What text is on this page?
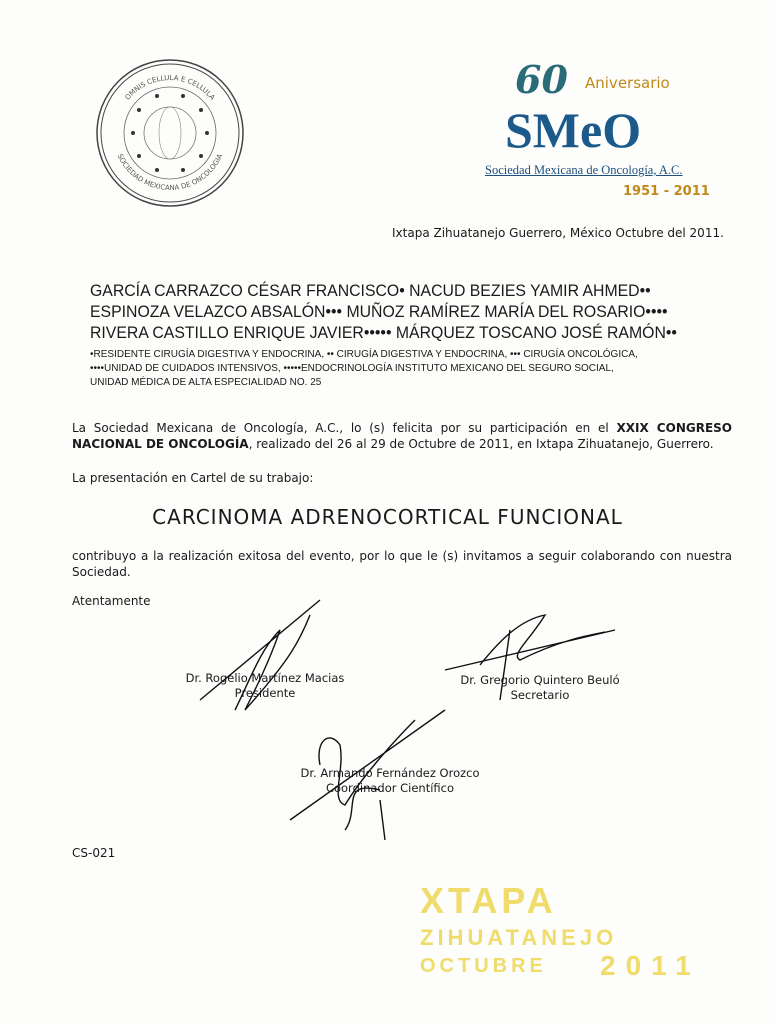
XTAPA
ZIHUATANEJO
OCTUBRE 2011
OMNIS CELLULA E CELLULA
SOCIEDAD MEXICANA DE ONCOLOGIA
60 Aniversario
SMeO
Sociedad Mexicana de Oncología, A.C.
1951 - 2011
Ixtapa Zihuatanejo Guerrero, México Octubre del 2011.
GARCÍA CARRAZCO CÉSAR FRANCISCO• NACUD BEZIES YAMIR AHMED••
ESPINOZA VELAZCO ABSALÓN••• MUÑOZ RAMÍREZ MARÍA DEL ROSARIO••••
RIVERA CASTILLO ENRIQUE JAVIER••••• MÁRQUEZ TOSCANO JOSÉ RAMÓN••
•RESIDENTE CIRUGÍA DIGESTIVA Y ENDOCRINA, •• CIRUGÍA DIGESTIVA Y ENDOCRINA, ••• CIRUGÍA ONCOLÓGICA,
••••UNIDAD DE CUIDADOS INTENSIVOS, •••••ENDOCRINOLOGÍA INSTITUTO MEXICANO DEL SEGURO SOCIAL,
UNIDAD MÉDICA DE ALTA ESPECIALIDAD NO. 25
La Sociedad Mexicana de Oncología, A.C., lo (s) felicita por su participación en el XXIX CONGRESO NACIONAL DE ONCOLOGÍA, realizado del 26 al 29 de Octubre de 2011, en Ixtapa Zihuatanejo, Guerrero.
La presentación en Cartel de su trabajo:
CARCINOMA ADRENOCORTICAL FUNCIONAL
contribuyo a la realización exitosa del evento, por lo que le (s) invitamos a seguir colaborando con nuestra Sociedad.
Atentamente
Dr. Rogelio Martínez Macias
Presidente
Dr. Gregorio Quintero Beuló
Secretario
Dr. Armando Fernández Orozco
Coordinador Científico
CS-021
